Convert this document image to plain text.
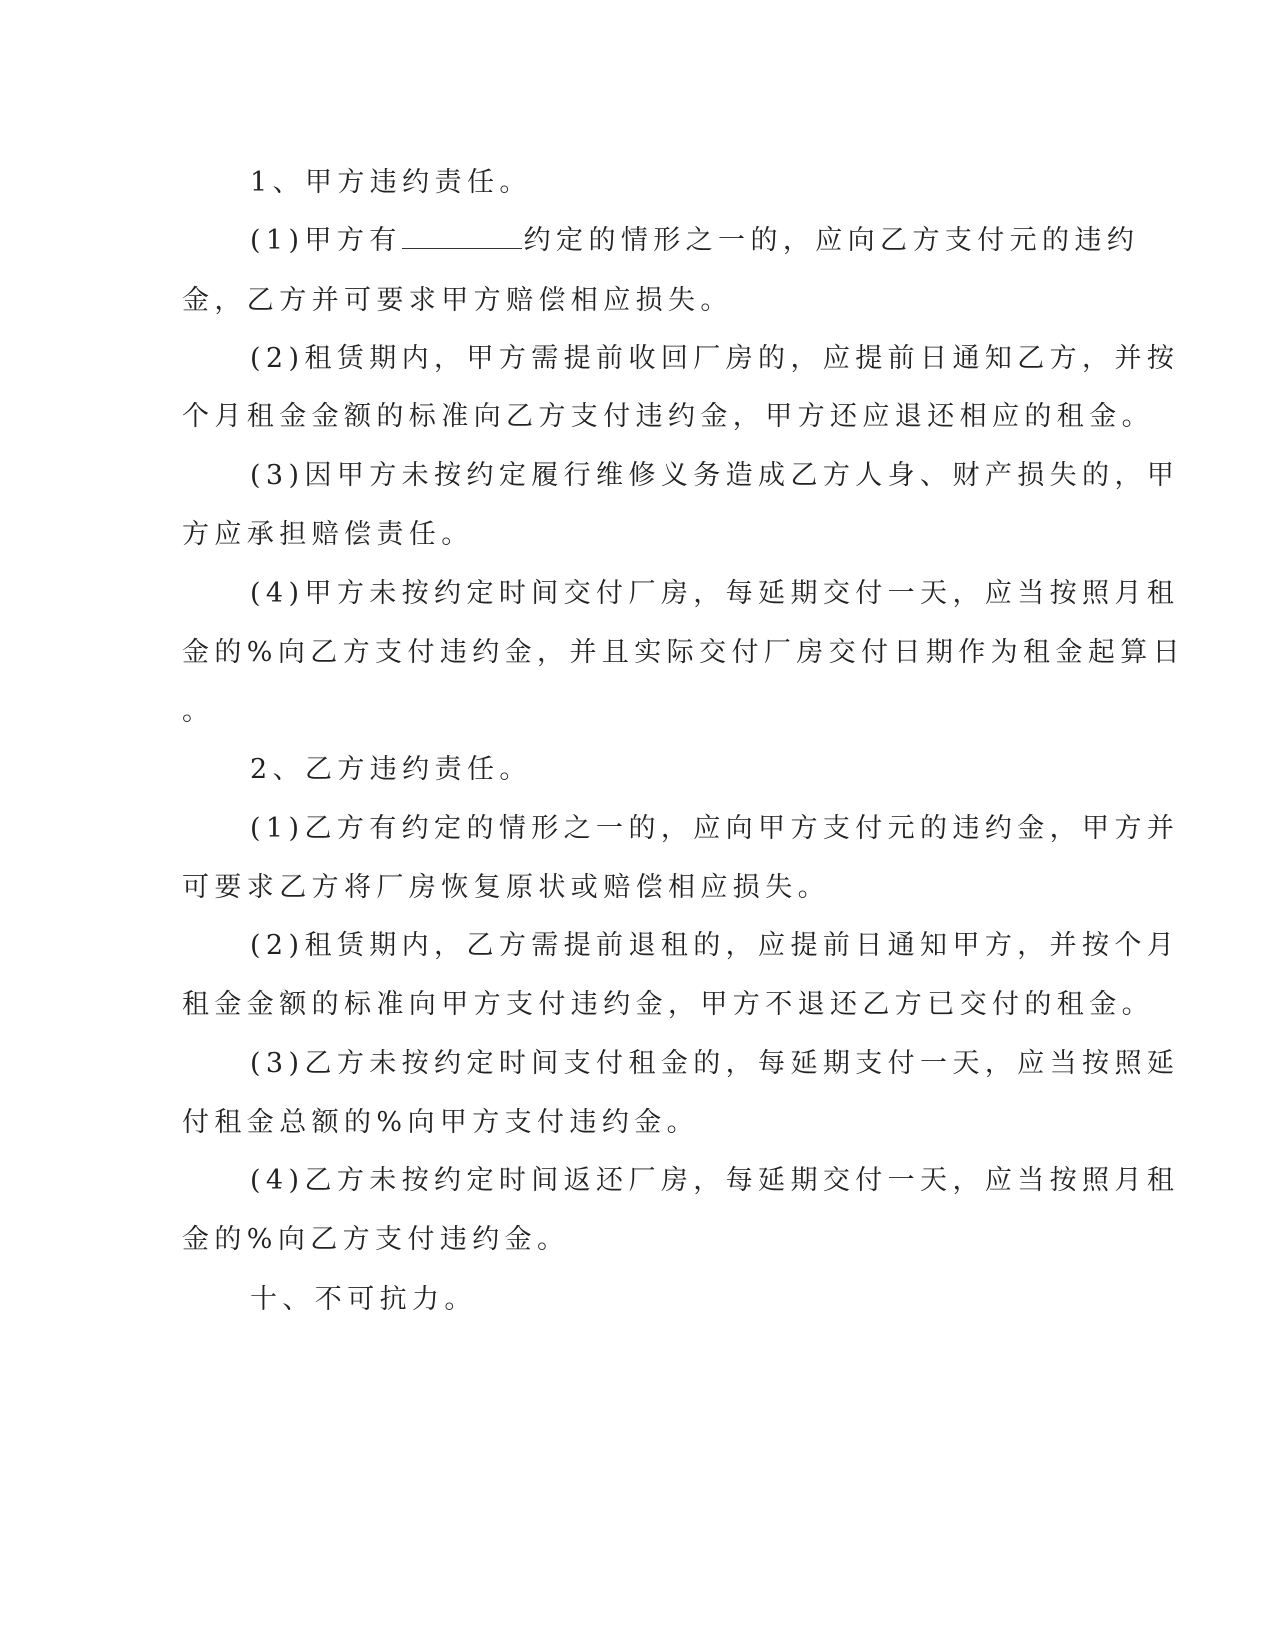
1、甲方违约责任。
(1)甲方有	约定的情形之一的，应向乙方支付元的违约
金，乙方并可要求甲方赔偿相应损失。
(2)租赁期内，甲方需提前收回厂房的，应提前日通知乙方，并按
个月租金金额的标准向乙方支付违约金，甲方还应退还相应的租金。
(3)因甲方未按约定履行维修义务造成乙方人身、财产损失的，甲
方应承担赔偿责任。
(4)甲方未按约定时间交付厂房，每延期交付一天，应当按照月租
金的%向乙方支付违约金，并且实际交付厂房交付日期作为租金起算日
。
2、乙方违约责任。
(1)乙方有约定的情形之一的，应向甲方支付元的违约金，甲方并
可要求乙方将厂房恢复原状或赔偿相应损失。
(2)租赁期内，乙方需提前退租的，应提前日通知甲方，并按个月
租金金额的标准向甲方支付违约金，甲方不退还乙方已交付的租金。
(3)乙方未按约定时间支付租金的，每延期支付一天，应当按照延
付租金总额的%向甲方支付违约金。
(4)乙方未按约定时间返还厂房，每延期交付一天，应当按照月租
金的%向乙方支付违约金。
十、不可抗力。
